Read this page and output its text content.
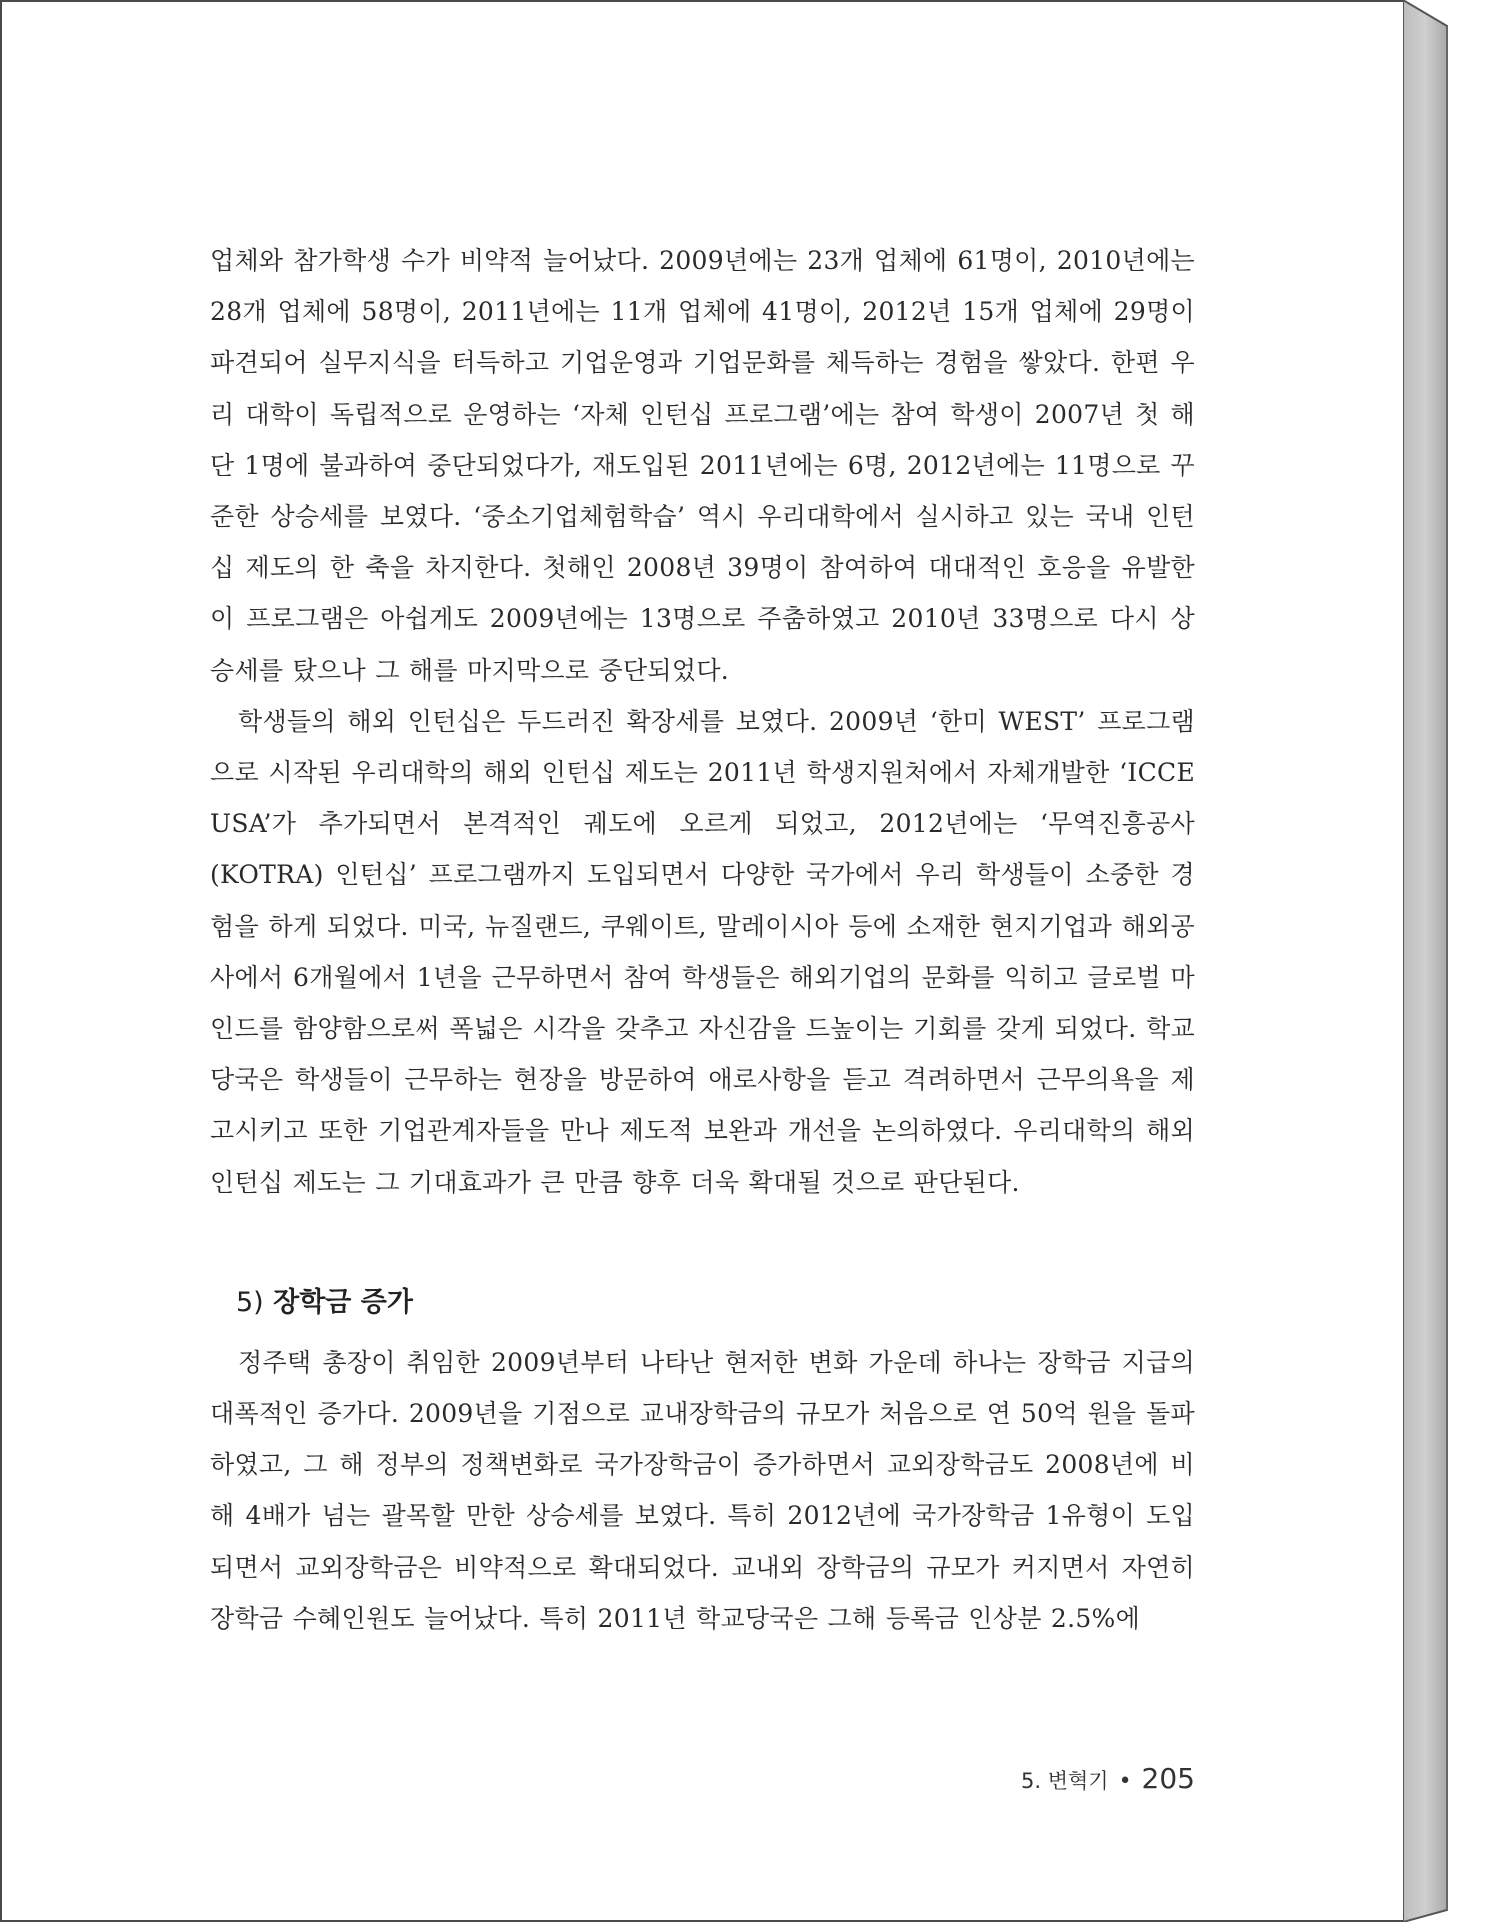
업체와 참가학생 수가 비약적 늘어났다. 2009년에는 23개 업체에 61명이, 2010년에는 28개 업체에 58명이, 2011년에는 11개 업체에 41명이, 2012년 15개 업체에 29명이 파견되어 실무지식을 터득하고 기업운영과 기업문화를 체득하는 경험을 쌓았다. 한편 우리 대학이 독립적으로 운영하는 ‘자체 인턴십 프로그램’에는 참여 학생이 2007년 첫 해단 1명에 불과하여 중단되었다가, 재도입된 2011년에는 6명, 2012년에는 11명으로 꾸준한 상승세를 보였다. ‘중소기업체험학습’ 역시 우리대학에서 실시하고 있는 국내 인턴십 제도의 한 축을 차지한다. 첫해인 2008년 39명이 참여하여 대대적인 호응을 유발한 이 프로그램은 아쉽게도 2009년에는 13명으로 주춤하였고 2010년 33명으로 다시 상승세를 탔으나 그 해를 마지막으로 중단되었다.

학생들의 해외 인턴십은 두드러진 확장세를 보였다. 2009년 ‘한미 WEST’ 프로그램으로 시작된 우리대학의 해외 인턴십 제도는 2011년 학생지원처에서 자체개발한 ‘ICCE USA’가 추가되면서 본격적인 궤도에 오르게 되었고, 2012년에는 ‘무역진흥공사(KOTRA) 인턴십’ 프로그램까지 도입되면서 다양한 국가에서 우리 학생들이 소중한 경험을 하게 되었다. 미국, 뉴질랜드, 쿠웨이트, 말레이시아 등에 소재한 현지기업과 해외공사에서 6개월에서 1년을 근무하면서 참여 학생들은 해외기업의 문화를 익히고 글로벌 마인드를 함양함으로써 폭넓은 시각을 갖추고 자신감을 드높이는 기회를 갖게 되었다. 학교당국은 학생들이 근무하는 현장을 방문하여 애로사항을 듣고 격려하면서 근무의욕을 제고시키고 또한 기업관계자들을 만나 제도적 보완과 개선을 논의하였다. 우리대학의 해외 인턴십 제도는 그 기대효과가 큰 만큼 향후 더욱 확대될 것으로 판단된다.

5) 장학금 증가

정주택 총장이 취임한 2009년부터 나타난 현저한 변화 가운데 하나는 장학금 지급의 대폭적인 증가다. 2009년을 기점으로 교내장학금의 규모가 처음으로 연 50억 원을 돌파하였고, 그 해 정부의 정책변화로 국가장학금이 증가하면서 교외장학금도 2008년에 비해 4배가 넘는 괄목할 만한 상승세를 보였다. 특히 2012년에 국가장학금 1유형이 도입되면서 교외장학금은 비약적으로 확대되었다. 교내외 장학금의 규모가 커지면서 자연히 장학금 수혜인원도 늘어났다. 특히 2011년 학교당국은 그해 등록금 인상분 2.5%에

5. 변혁기 • 205
